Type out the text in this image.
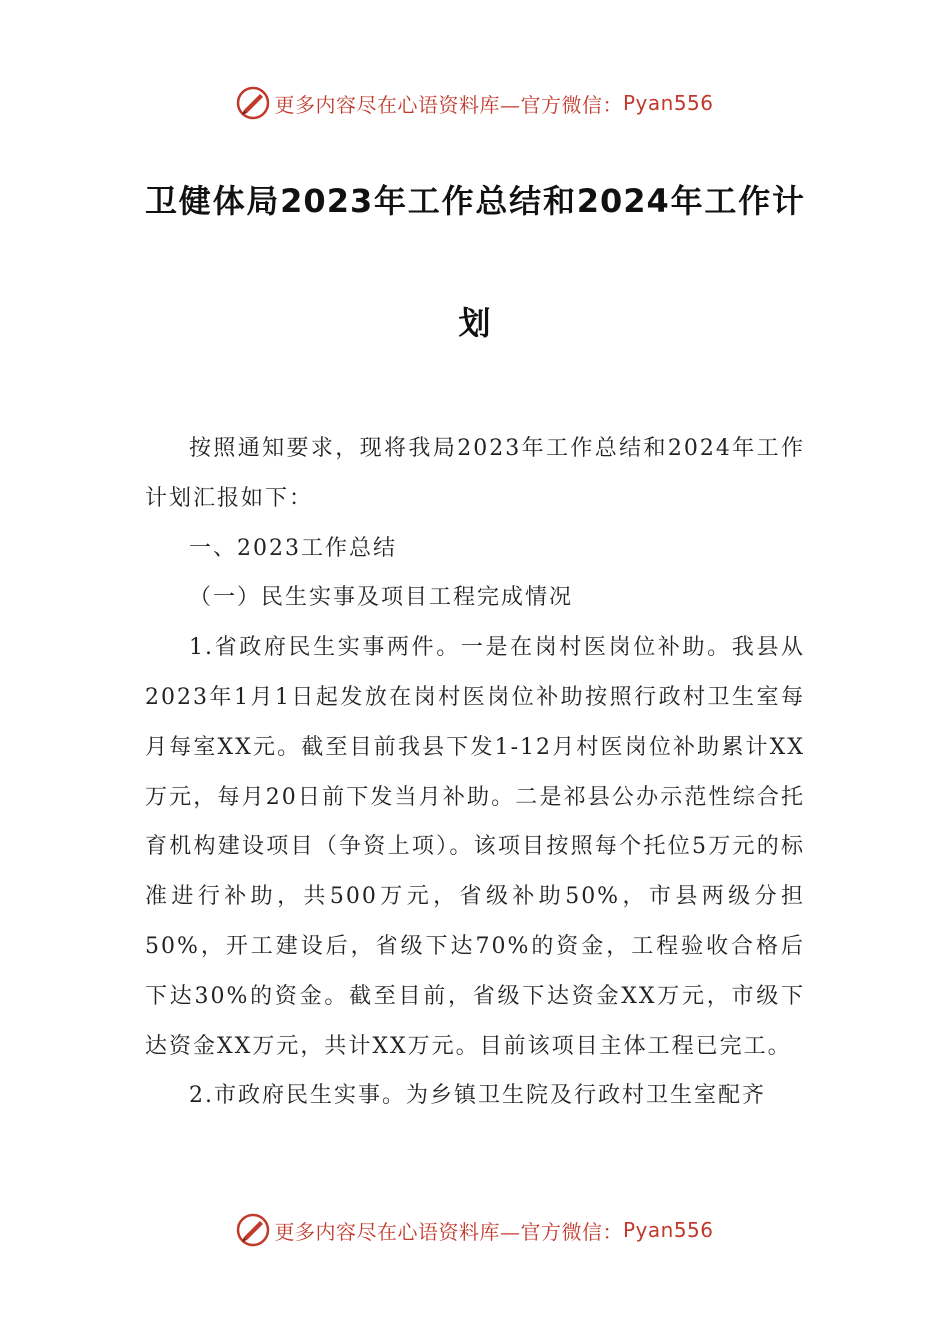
更多内容尽在心语资料库—官方微信： Pyan556
卫健体局2023年工作总结和2024年工作计
划

按照通知要求，现将我局2023年工作总结和2024年工作计划汇报如下：

一、2023工作总结

（一）民生实事及项目工程完成情况

1.省政府民生实事两件。一是在岗村医岗位补助。我县从2023年1月1日起发放在岗村医岗位补助按照行政村卫生室每月每室XX元。截至目前我县下发1-12月村医岗位补助累计XX万元，每月20日前下发当月补助。二是祁县公办示范性综合托育机构建设项目（争资上项）。该项目按照每个托位5万元的标准进行补助，共500万元，省级补助50%，市县两级分担50%，开工建设后，省级下达70%的资金，工程验收合格后下达30%的资金。截至目前，省级下达资金XX万元，市级下达资金XX万元，共计XX万元。目前该项目主体工程已完工。

2.市政府民生实事。为乡镇卫生院及行政村卫生室配齐

更多内容尽在心语资料库—官方微信： Pyan556
